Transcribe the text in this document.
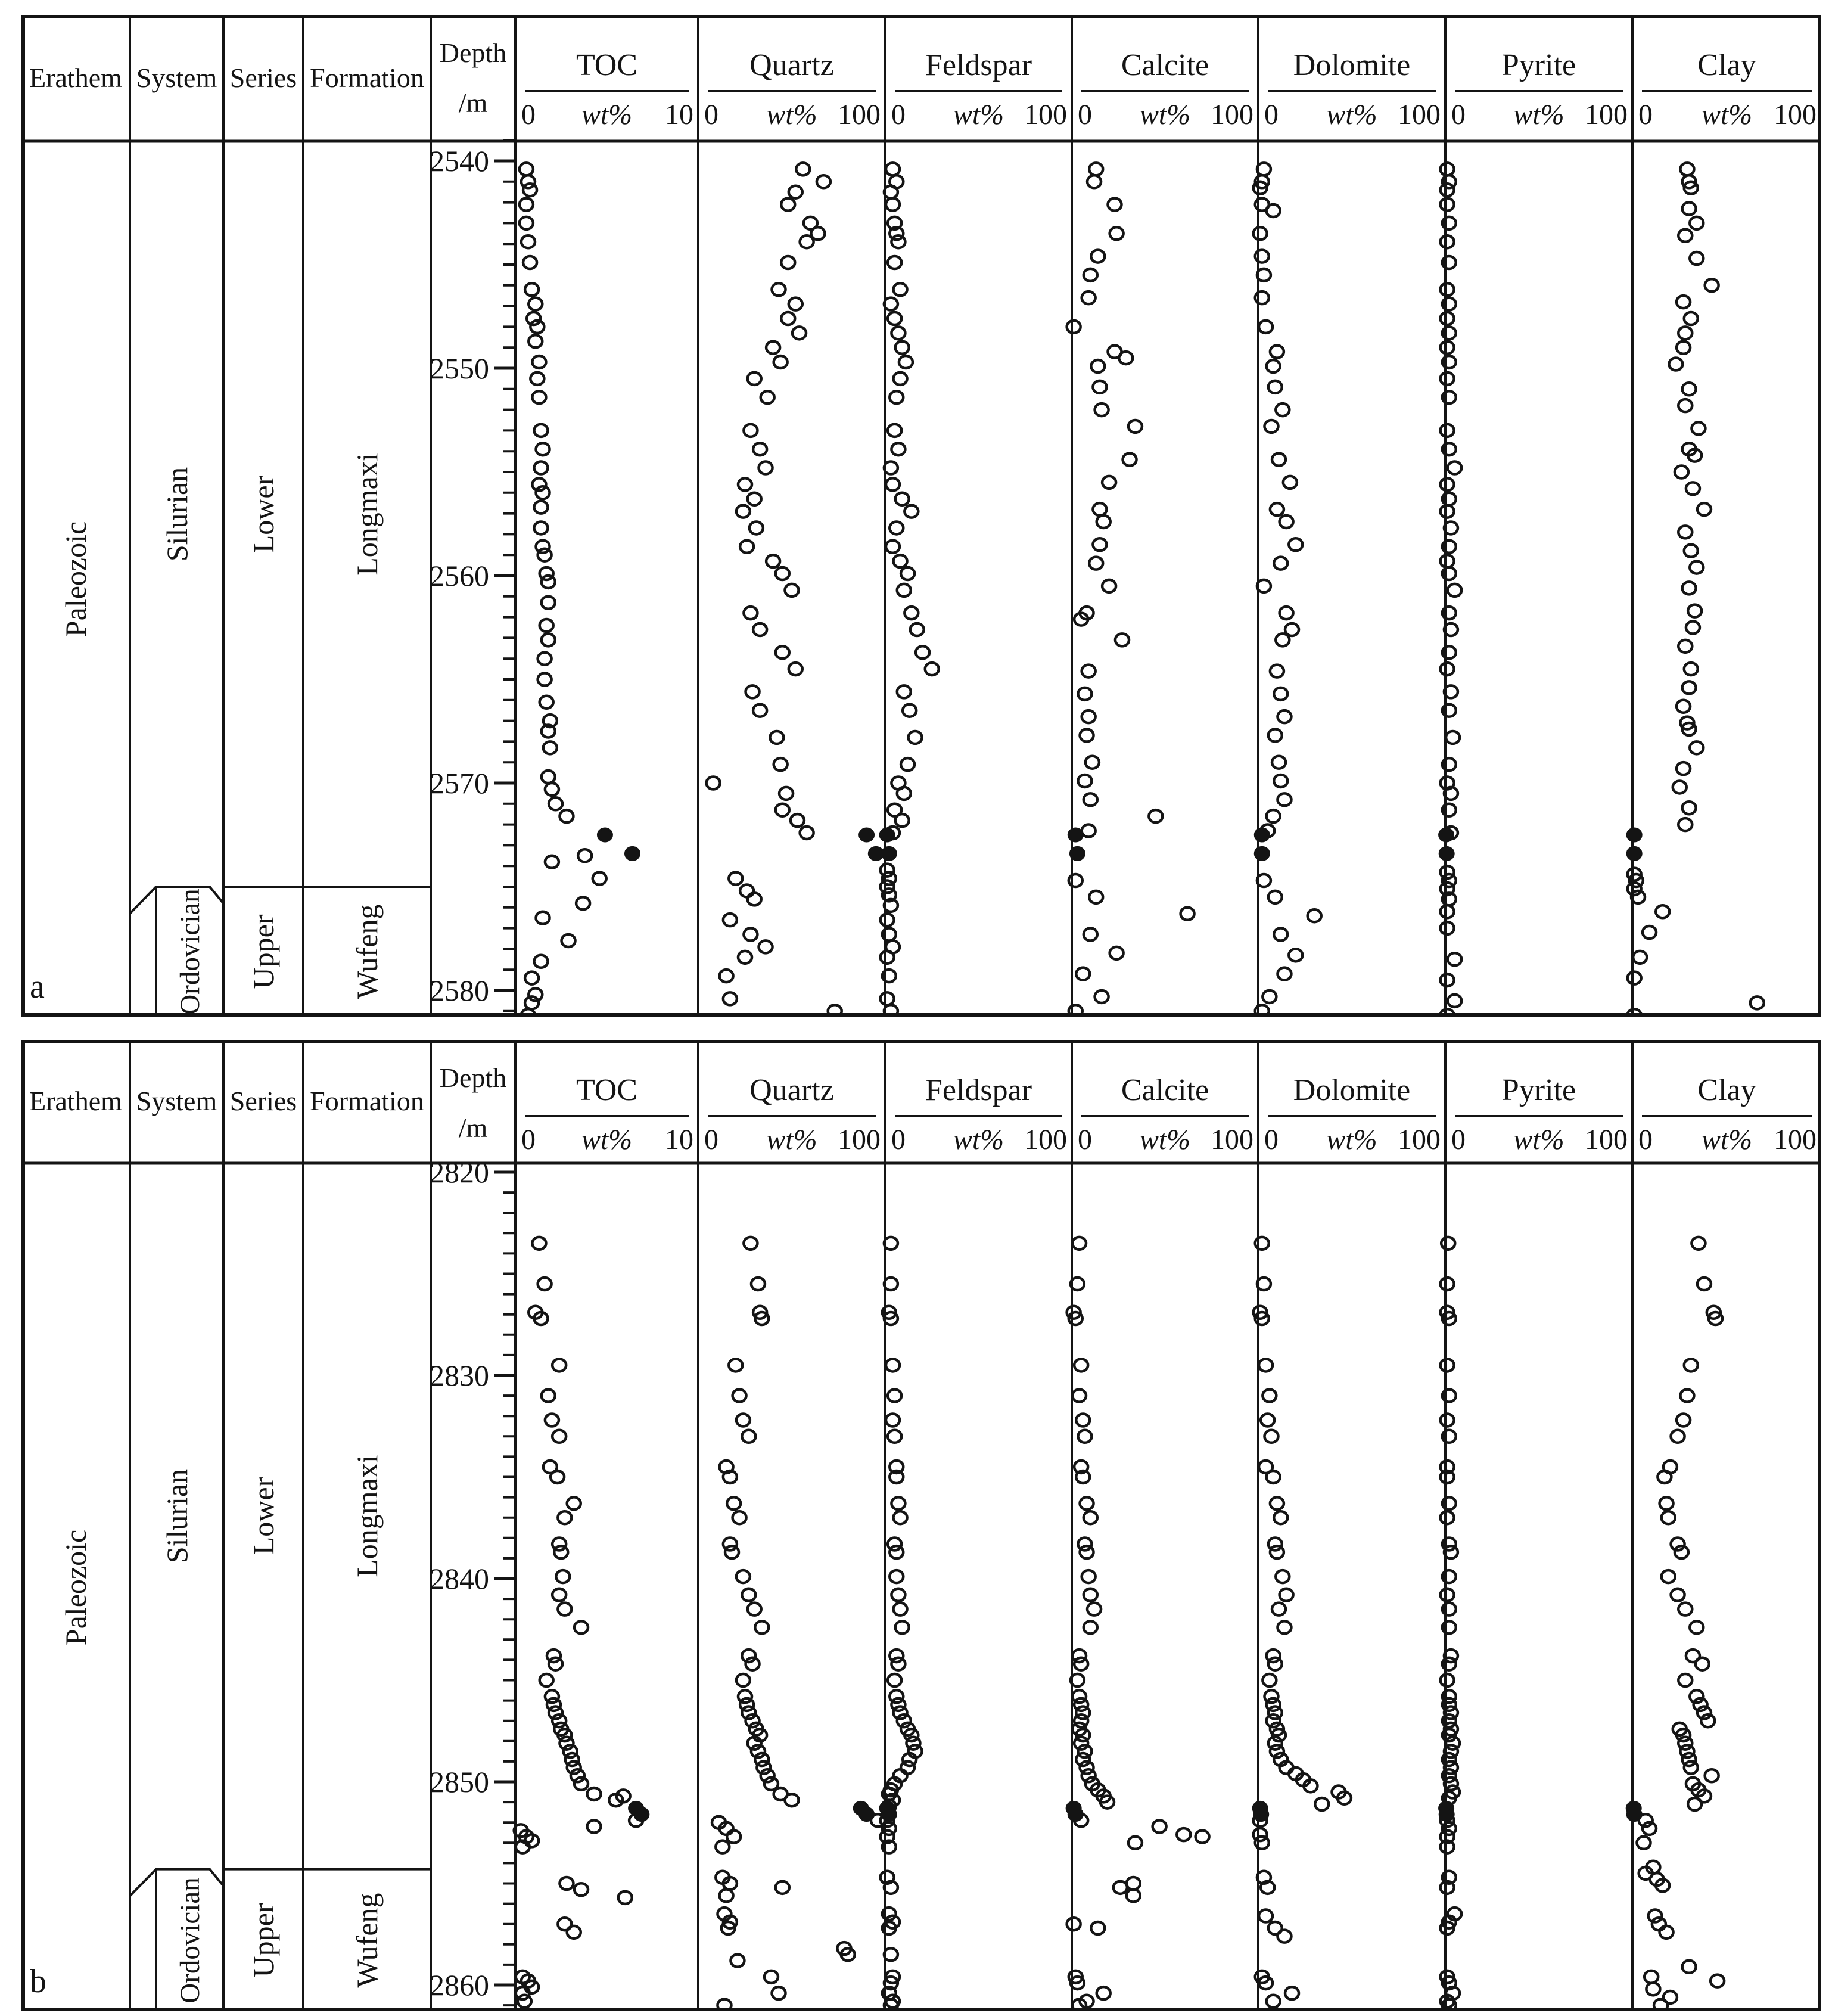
2540
2550
2560
2570
2580
Erathem System Series Formation
Depth
/m
TOC
0	wt%	10
Quartz
0	wt% 100
Feldspar
0	wt% 100
Calcite
0	wt% 100
Dolomite
0	wt% 100
Pyrite
0	wt% 100
Clay
0	wt% 100
Paleozoic
Silurian
Ordovician
Lower
Upper
Longmaxi
Wufeng
a
2820
2830
2840
2850
2860
Erathem System Series Formation
Depth
/m
TOC
0	wt%	10
Quartz
0	wt% 100
Feldspar
0	wt% 100
Calcite
0	wt% 100
Dolomite
0	wt% 100
Pyrite
0	wt% 100
Clay
0	wt% 100
Paleozoic
Silurian
Ordovician
Lower
Upper
Longmaxi
Wufeng
b
